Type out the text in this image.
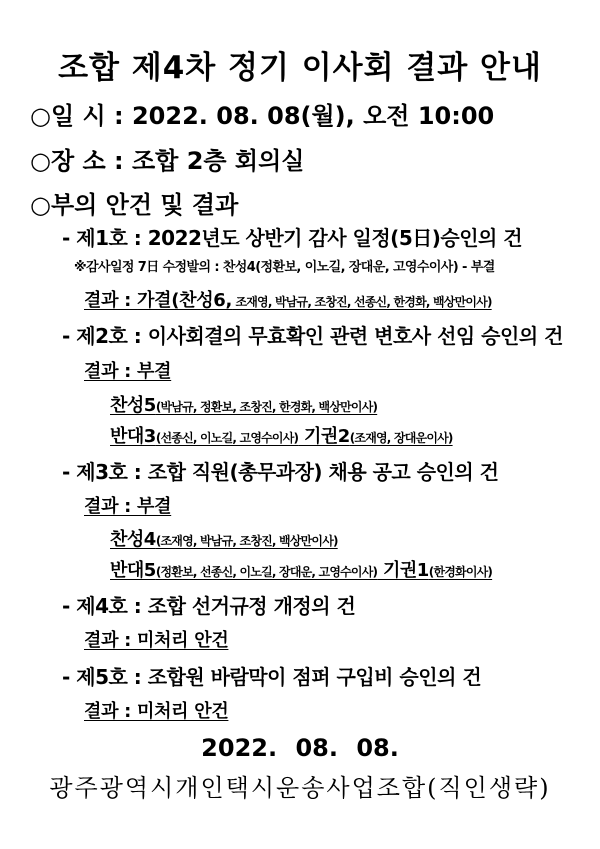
조합 제4차 정기 이사회 결과 안내
○일 시 : 2022. 08. 08(월), 오전 10:00
○장 소 : 조합 2층 회의실
○부의 안건 및 결과
- 제1호 : 2022년도 상반기 감사 일정(5日)승인의 건
※감사일정 7日 수정발의 : 찬성4(정환보, 이노길, 장대운, 고영수이사) - 부결
결과 : 가결(찬성6, 조재영, 박남규, 조창진, 선종신, 한경화, 백상만이사)
- 제2호 : 이사회결의 무효확인 관련 변호사 선임 승인의 건
결과 : 부결
찬성5(박남규, 정환보, 조창진, 한경화, 백상만이사)
반대3(선종신, 이노길, 고영수이사) 기권2(조재영, 장대운이사)
- 제3호 : 조합 직원(총무과장) 채용 공고 승인의 건
결과 : 부결
찬성4(조재영, 박남규, 조창진, 백상만이사)
반대5(정환보, 선종신, 이노길, 장대운, 고영수이사) 기권1(한경화이사)
- 제4호 : 조합 선거규정 개정의 건
결과 : 미처리 안건
- 제5호 : 조합원 바람막이 점퍼 구입비 승인의 건
결과 : 미처리 안건
2022. 08. 08.
광주광역시개인택시운송사업조합(직인생략)
